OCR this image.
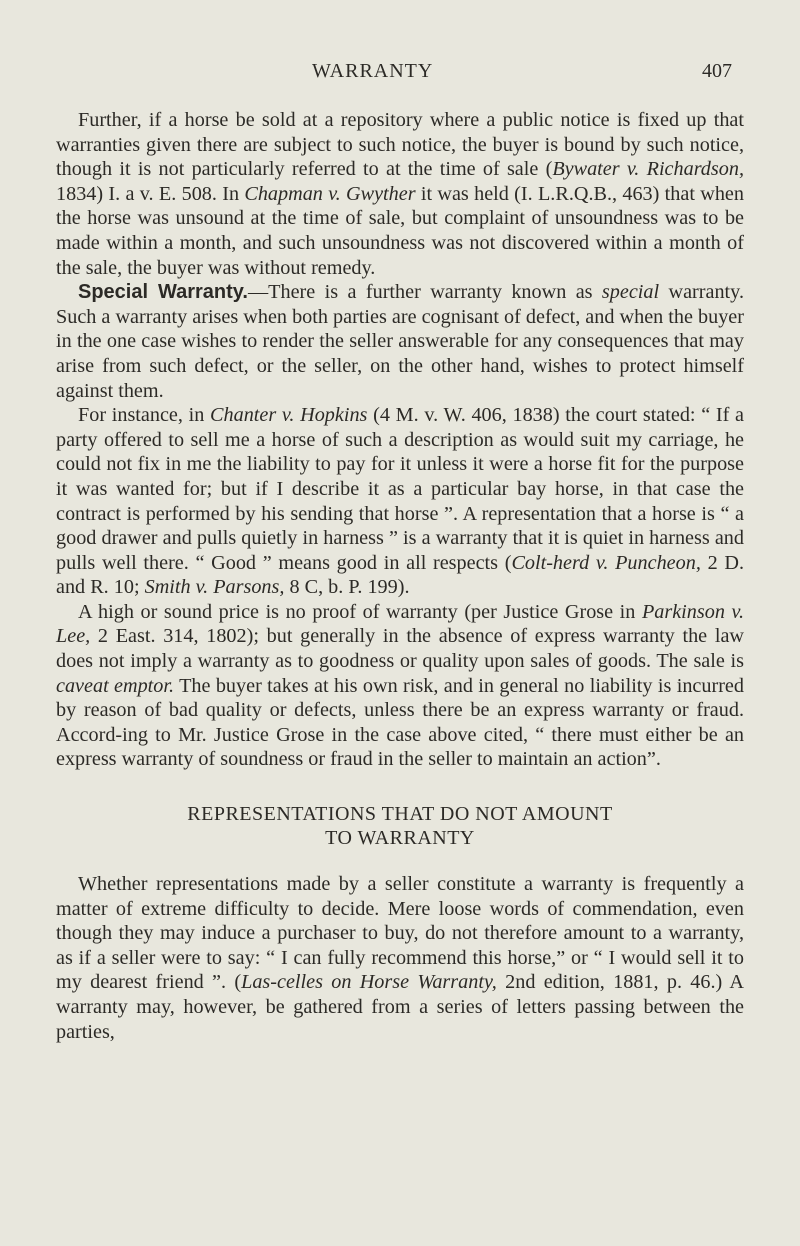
WARRANTY	407

Further, if a horse be sold at a repository where a public notice is fixed up that warranties given there are subject to such notice, the buyer is bound by such notice, though it is not particularly referred to at the time of sale (Bywater v. Richardson, 1834) I. a v. E. 508. In Chapman v. Gwyther it was held (I. L.R.Q.B., 463) that when the horse was unsound at the time of sale, but complaint of unsoundness was to be made within a month, and such unsoundness was not discovered within a month of the sale, the buyer was without remedy.

Special Warranty.—There is a further warranty known as special warranty. Such a warranty arises when both parties are cognisant of defect, and when the buyer in the one case wishes to render the seller answerable for any consequences that may arise from such defect, or the seller, on the other hand, wishes to protect himself against them.

For instance, in Chanter v. Hopkins (4 M. v. W. 406, 1838) the court stated: “ If a party offered to sell me a horse of such a description as would suit my carriage, he could not fix in me the liability to pay for it unless it were a horse fit for the purpose it was wanted for; but if I describe it as a particular bay horse, in that case the contract is performed by his sending that horse ”. A representation that a horse is “ a good drawer and pulls quietly in harness ” is a warranty that it is quiet in harness and pulls well there. “ Good ” means good in all respects (Colt-herd v. Puncheon, 2 D. and R. 10; Smith v. Parsons, 8 C, b. P. 199).

A high or sound price is no proof of warranty (per Justice Grose in Parkinson v. Lee, 2 East. 314, 1802); but generally in the absence of express warranty the law does not imply a warranty as to goodness or quality upon sales of goods. The sale is caveat emptor. The buyer takes at his own risk, and in general no liability is incurred by reason of bad quality or defects, unless there be an express warranty or fraud. Accord-ing to Mr. Justice Grose in the case above cited, “ there must either be an express warranty of soundness or fraud in the seller to maintain an action”.

REPRESENTATIONS THAT DO NOT AMOUNT
TO WARRANTY

Whether representations made by a seller constitute a warranty is frequently a matter of extreme difficulty to decide. Mere loose words of commendation, even though they may induce a purchaser to buy, do not therefore amount to a warranty, as if a seller were to say: “ I can fully recommend this horse,” or “ I would sell it to my dearest friend ”. (Las-celles on Horse Warranty, 2nd edition, 1881, p. 46.) A warranty may, however, be gathered from a series of letters passing between the parties,
